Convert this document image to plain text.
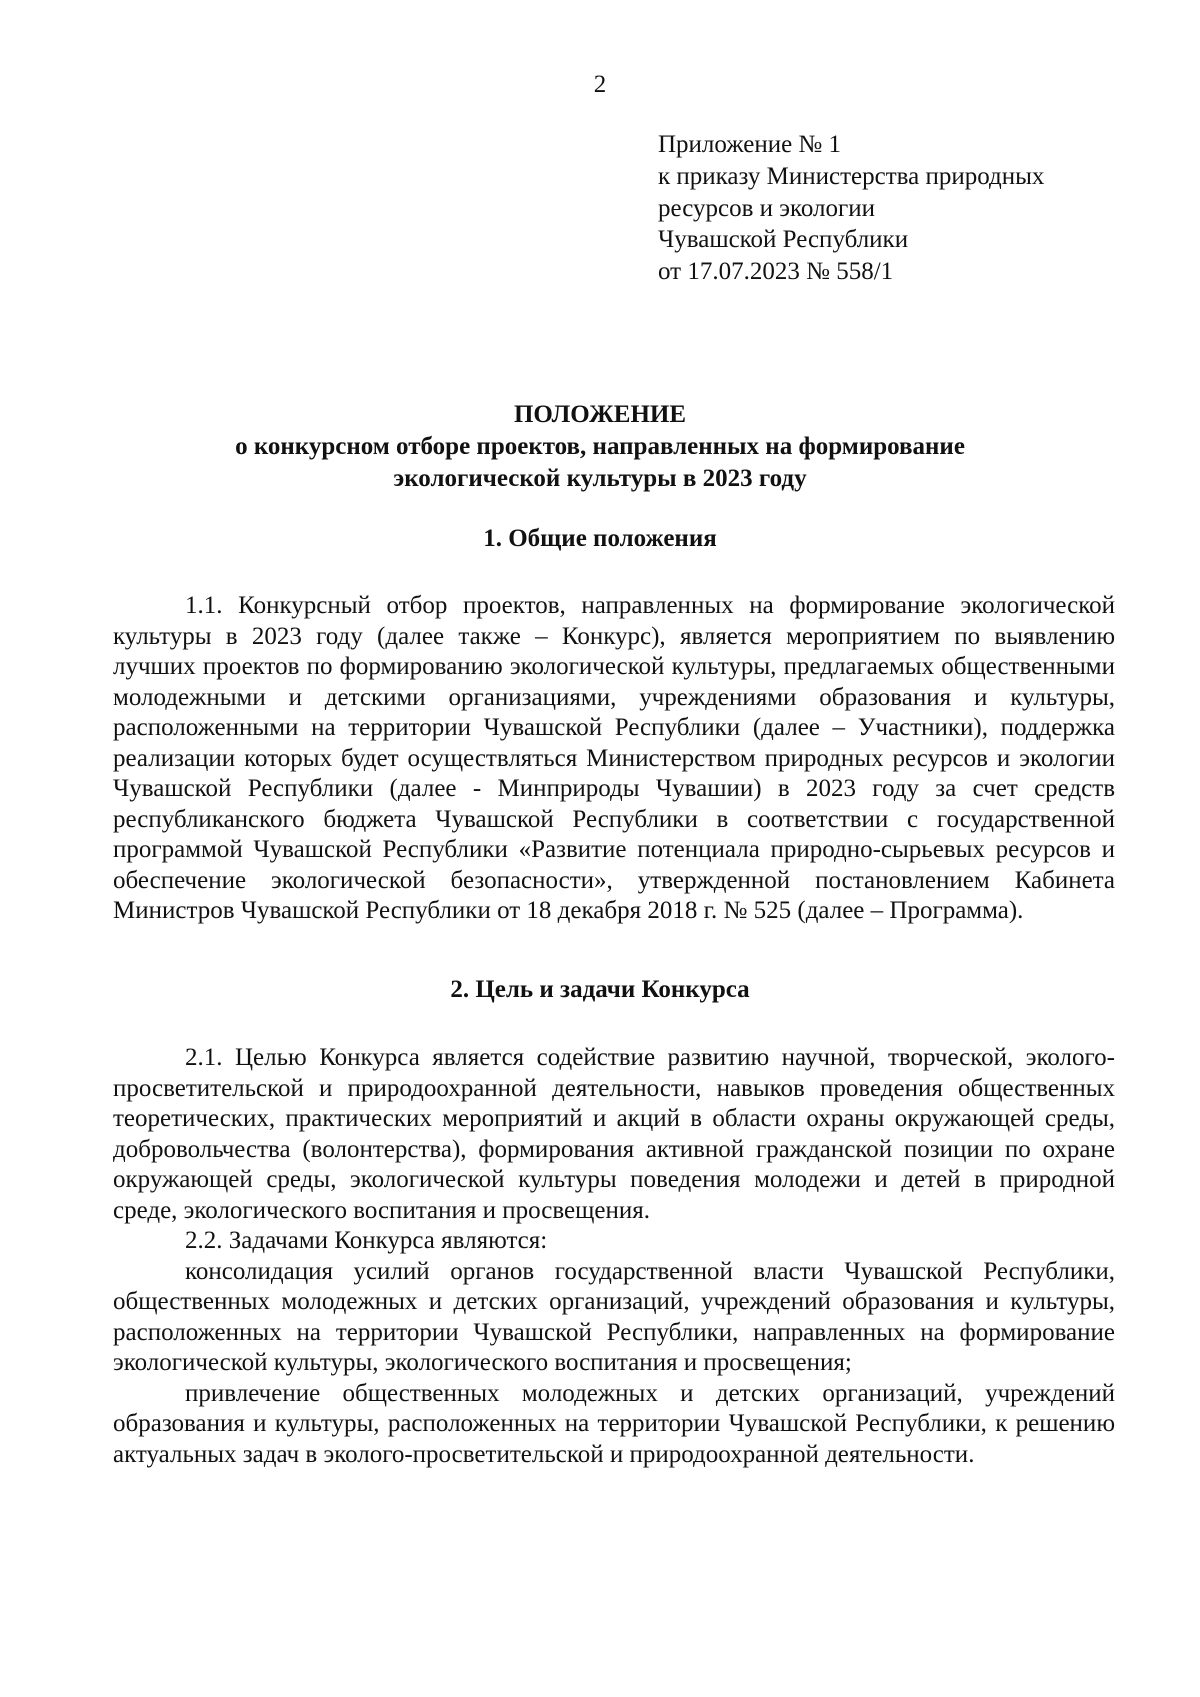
2
Приложение № 1
к приказу Министерства природных
ресурсов и экологии
Чувашской Республики
от 17.07.2023 № 558/1
ПОЛОЖЕНИЕ
о конкурсном отборе проектов, направленных на формирование
экологической культуры в 2023 году
1. Общие положения

1.1. Конкурсный отбор проектов, направленных на формирование экологической культуры в 2023 году (далее также – Конкурс), является мероприятием по выявлению лучших проектов по формированию экологической культуры, предлагаемых общественными молодежными и детскими организациями, учреждениями образования и культуры, расположенными на территории Чувашской Республики (далее – Участники), поддержка реализации которых будет осуществляться Министерством природных ресурсов и экологии Чувашской Республики (далее - Минприроды Чувашии) в 2023 году за счет средств республиканского бюджета Чувашской Республики в соответствии с государственной программой Чувашской Республики «Развитие потенциала природно-сырьевых ресурсов и обеспечение экологической безопасности», утвержденной постановлением Кабинета Министров Чувашской Республики от 18 декабря 2018 г. № 525 (далее – Программа).

2. Цель и задачи Конкурса

2.1. Целью Конкурса является содействие развитию научной, творческой, эколого-просветительской и природоохранной деятельности, навыков проведения общественных теоретических, практических мероприятий и акций в области охраны окружающей среды, добровольчества (волонтерства), формирования активной гражданской позиции по охране окружающей среды, экологической культуры поведения молодежи и детей в природной среде, экологического воспитания и просвещения.

2.2. Задачами Конкурса являются:

консолидация усилий органов государственной власти Чувашской Республики, общественных молодежных и детских организаций, учреждений образования и культуры, расположенных на территории Чувашской Республики, направленных на формирование экологической культуры, экологического воспитания и просвещения;

привлечение общественных молодежных и детских организаций, учреждений образования и культуры, расположенных на территории Чувашской Республики, к решению актуальных задач в эколого-просветительской и природоохранной деятельности.
